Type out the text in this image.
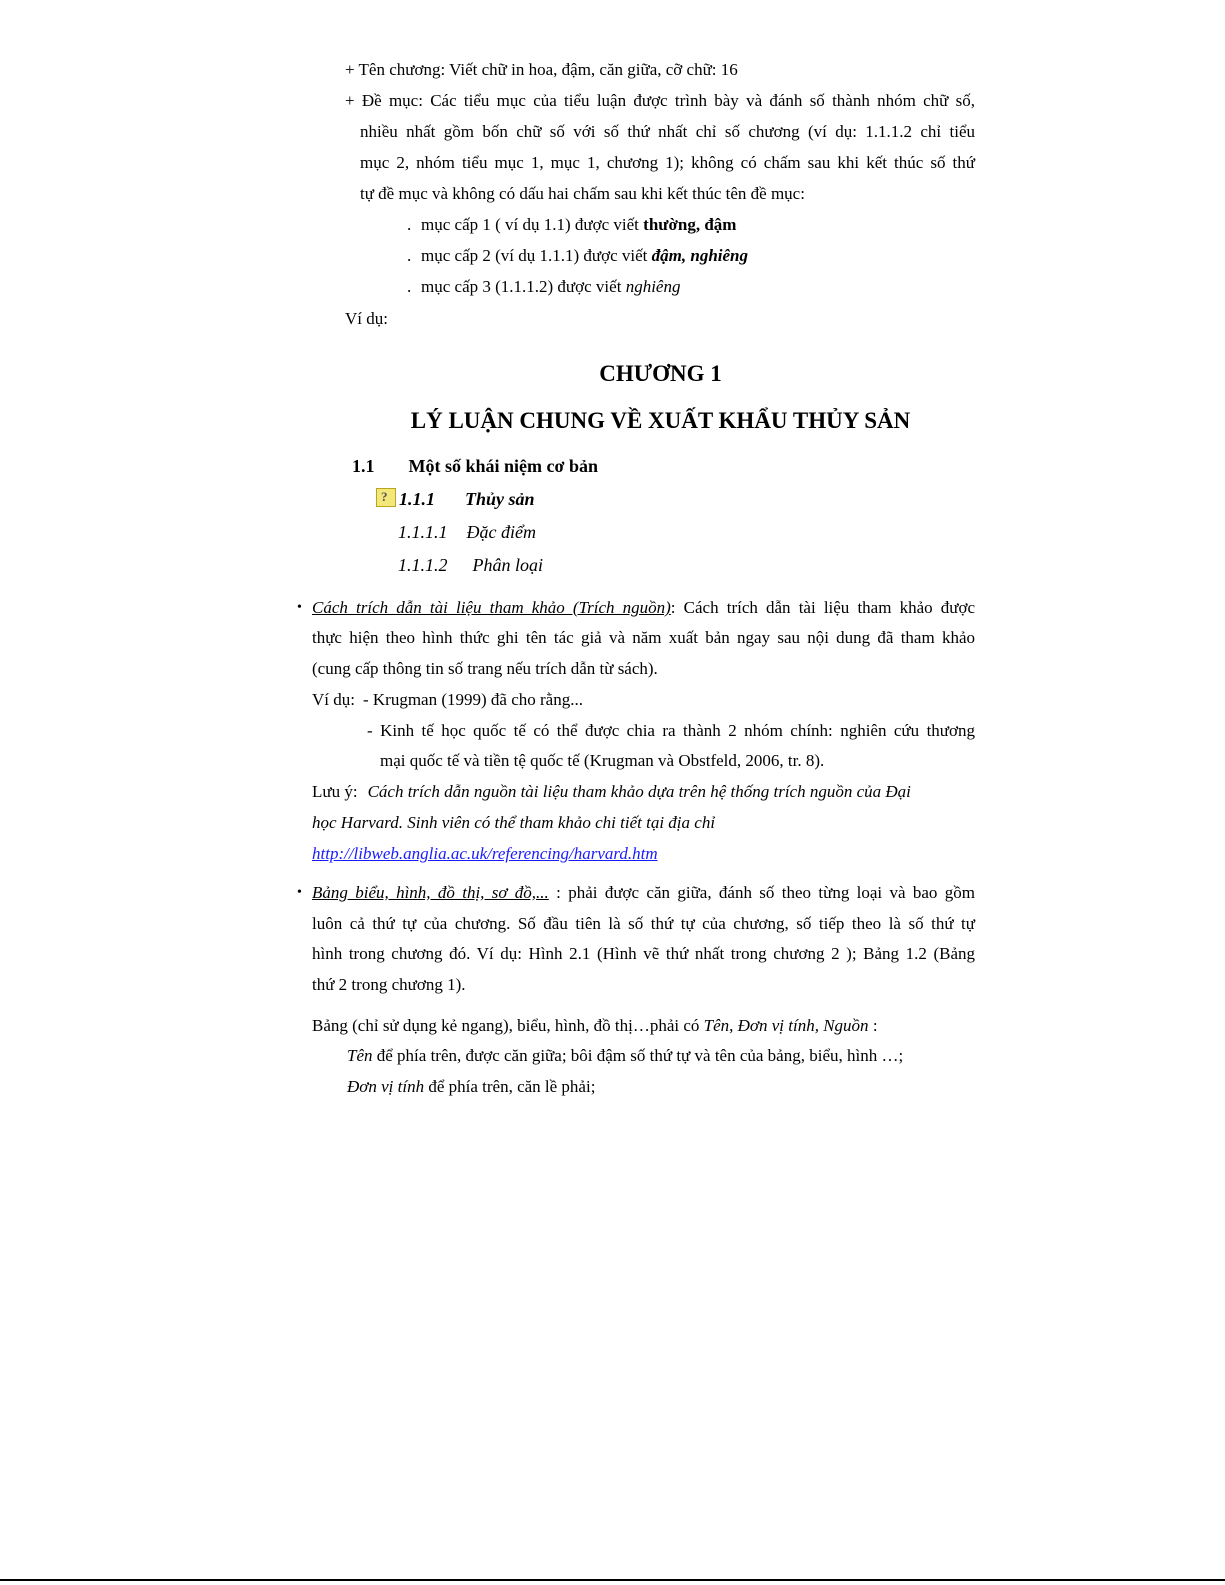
+ Tên chương: Viết chữ in hoa, đậm, căn giữa, cỡ chữ: 16
+ Đề mục: Các tiểu mục của tiểu luận được trình bày và đánh số thành nhóm chữ số,
nhiều nhất gồm bốn chữ số với số thứ nhất chỉ số chương (ví dụ: 1.1.1.2 chỉ tiểu
mục 2, nhóm tiểu mục 1, mục 1, chương 1); không có chấm sau khi kết thúc số thứ
tự đề mục và không có dấu hai chấm sau khi kết thúc tên đề mục:
. mục cấp 1 ( ví dụ 1.1) được viết thường, đậm
. mục cấp 2 (ví dụ 1.1.1) được viết đậm, nghiêng
. mục cấp 3 (1.1.1.2) được viết nghiêng
Ví dụ:
CHƯƠNG 1
LÝ LUẬN CHUNG VỀ XUẤT KHẨU THỦY SẢN
1.1 Một số khái niệm cơ bản
?1.1.1 Thủy sản
1.1.1.1 Đặc điểm
1.1.1.2 Phân loại
• Cách trích dẫn tài liệu tham khảo (Trích nguồn): Cách trích dẫn tài liệu tham khảo được
thực hiện theo hình thức ghi tên tác giả và năm xuất bản ngay sau nội dung đã tham khảo
(cung cấp thông tin số trang nếu trích dẫn từ sách).
Ví dụ: - Krugman (1999) đã cho rằng...
- Kinh tế học quốc tế có thể được chia ra thành 2 nhóm chính: nghiên cứu thương
mại quốc tế và tiền tệ quốc tế (Krugman và Obstfeld, 2006, tr. 8).
Lưu ý: Cách trích dẫn nguồn tài liệu tham khảo dựa trên hệ thống trích nguồn của Đại
học Harvard. Sinh viên có thể tham khảo chi tiết tại địa chỉ
http://libweb.anglia.ac.uk/referencing/harvard.htm
• Bảng biểu, hình, đồ thị, sơ đồ,... : phải được căn giữa, đánh số theo từng loại và bao gồm
luôn cả thứ tự của chương. Số đầu tiên là số thứ tự của chương, số tiếp theo là số thứ tự
hình trong chương đó. Ví dụ: Hình 2.1 (Hình vẽ thứ nhất trong chương 2 ); Bảng 1.2 (Bảng
thứ 2 trong chương 1).
Bảng (chỉ sử dụng kẻ ngang), biểu, hình, đồ thị…phải có Tên, Đơn vị tính, Nguồn :
Tên để phía trên, được căn giữa; bôi đậm số thứ tự và tên của bảng, biểu, hình …;
Đơn vị tính để phía trên, căn lề phải;
